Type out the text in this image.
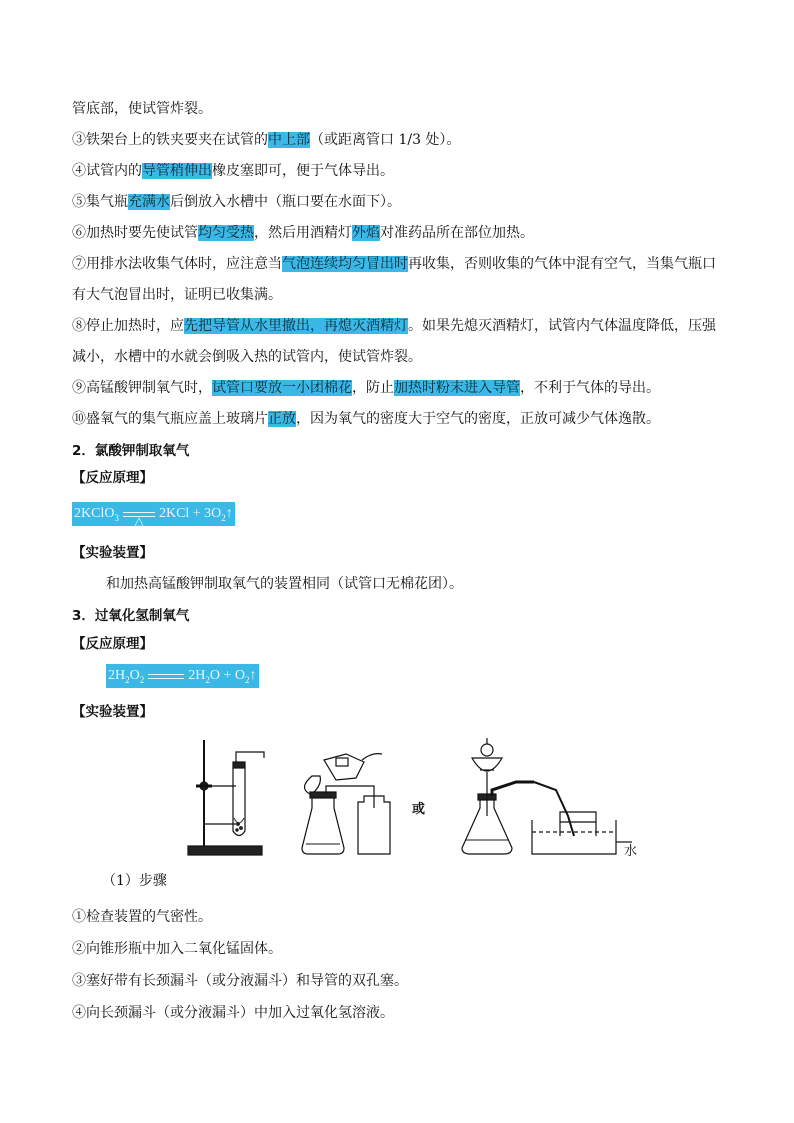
管底部，使试管炸裂。
③铁架台上的铁夹要夹在试管的中上部（或距离管口 1/3 处）。
④试管内的导管稍伸出橡皮塞即可，便于气体导出。
⑤集气瓶充满水后倒放入水槽中（瓶口要在水面下）。
⑥加热时要先使试管均匀受热，然后用酒精灯外焰对准药品所在部位加热。
⑦用排水法收集气体时，应注意当气泡连续均匀冒出时再收集，否则收集的气体中混有空气，当集气瓶口
有大气泡冒出时，证明已收集满。
⑧停止加热时，应先把导管从水里撤出，再熄灭酒精灯。如果先熄灭酒精灯，试管内气体温度降低，压强
减小，水槽中的水就会倒吸入热的试管内，使试管炸裂。
⑨高锰酸钾制氧气时，试管口要放一小团棉花，防止加热时粉末进入导管，不利于气体的导出。
⑩盛氧气的集气瓶应盖上玻璃片正放，因为氧气的密度大于空气的密度，正放可减少气体逸散。
2．氯酸钾制取氧气
【反应原理】
2KClO$_3$	△	$2KCl + 3O_2↑$
【实验装置】
和加热高锰酸钾制取氧气的装置相同（试管口无棉花团）。
3．过氧化氢制氧气
【反应原理】
$2H_2O_2$	$2H_2O$ + $O_2↑$
【实验装置】
（1）步骤
①检查装置的气密性。
②向锥形瓶中加入二氧化锰固体。
③塞好带有长颈漏斗（或分液漏斗）和导管的双孔塞。
④向长颈漏斗（或分液漏斗）中加入过氧化氢溶液。
或
水
